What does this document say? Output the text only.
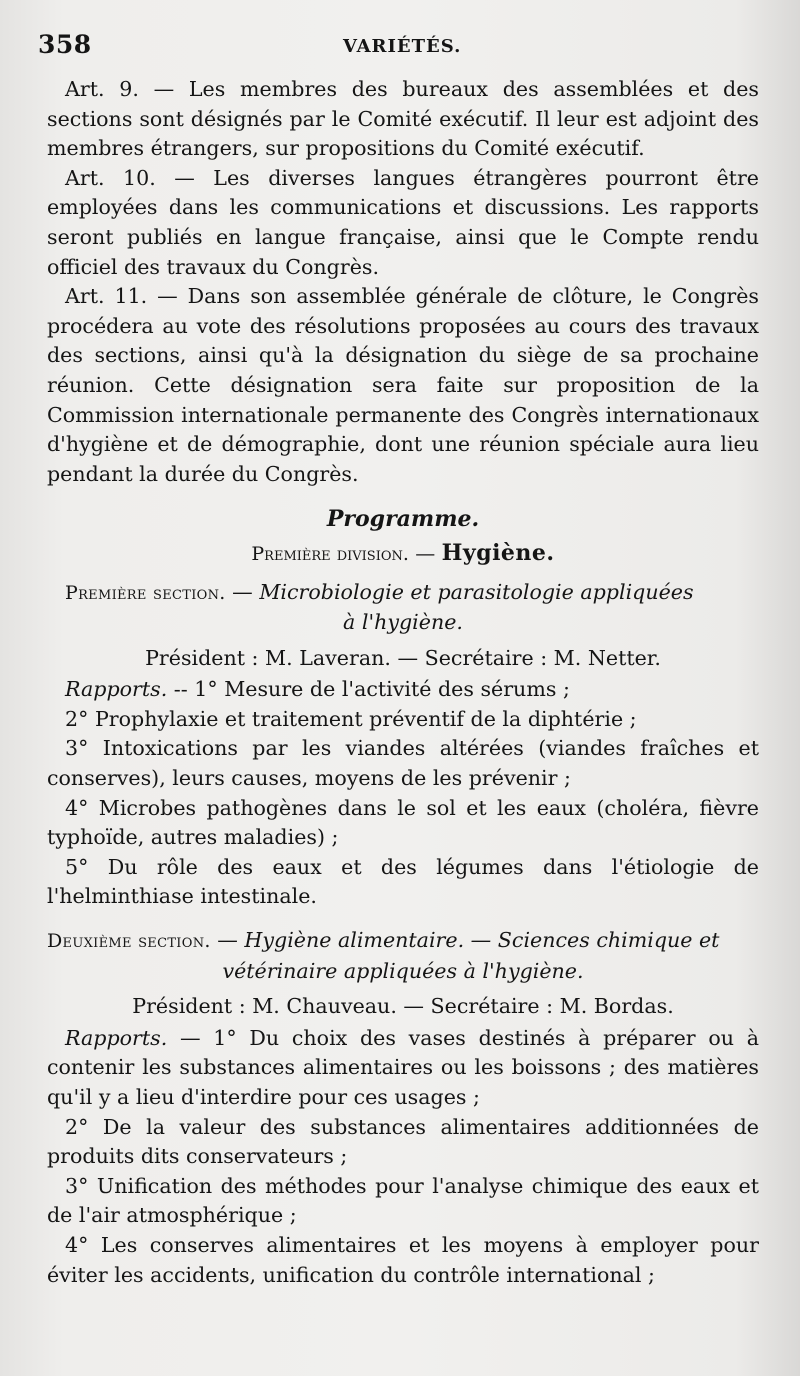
358	VARIÉTÉS.

Art. 9. — Les membres des bureaux des assemblées et des sections sont désignés par le Comité exécutif. Il leur est adjoint des membres étrangers, sur propositions du Comité exécutif.

Art. 10. — Les diverses langues étrangères pourront être employées dans les communications et discussions. Les rapports seront publiés en langue française, ainsi que le Compte rendu officiel des travaux du Congrès.

Art. 11. — Dans son assemblée générale de clôture, le Congrès procédera au vote des résolutions proposées au cours des travaux des sections, ainsi qu'à la désignation du siège de sa prochaine réunion. Cette désignation sera faite sur proposition de la Commission internationale permanente des Congrès internationaux d'hygiène et de démographie, dont une réunion spéciale aura lieu pendant la durée du Congrès.

Programme.

Première division. — Hygiène.

Première section. — Microbiologie et parasitologie appliquées

à l'hygiène.

Président : M. Laveran. — Secrétaire : M. Netter.

Rapports. -- 1° Mesure de l'activité des sérums ;

2° Prophylaxie et traitement préventif de la diphtérie ;

3° Intoxications par les viandes altérées (viandes fraîches et conserves), leurs causes, moyens de les prévenir ;

4° Microbes pathogènes dans le sol et les eaux (choléra, fièvre typhoïde, autres maladies) ;

5° Du rôle des eaux et des légumes dans l'étiologie de l'helminthiase intestinale.

Deuxième section. — Hygiène alimentaire. — Sciences chimique et

vétérinaire appliquées à l'hygiène.

Président : M. Chauveau. — Secrétaire : M. Bordas.

Rapports. — 1° Du choix des vases destinés à préparer ou à contenir les substances alimentaires ou les boissons ; des matières qu'il y a lieu d'interdire pour ces usages ;

2° De la valeur des substances alimentaires additionnées de produits dits conservateurs ;

3° Unification des méthodes pour l'analyse chimique des eaux et de l'air atmosphérique ;

4° Les conserves alimentaires et les moyens à employer pour éviter les accidents, unification du contrôle international ;
